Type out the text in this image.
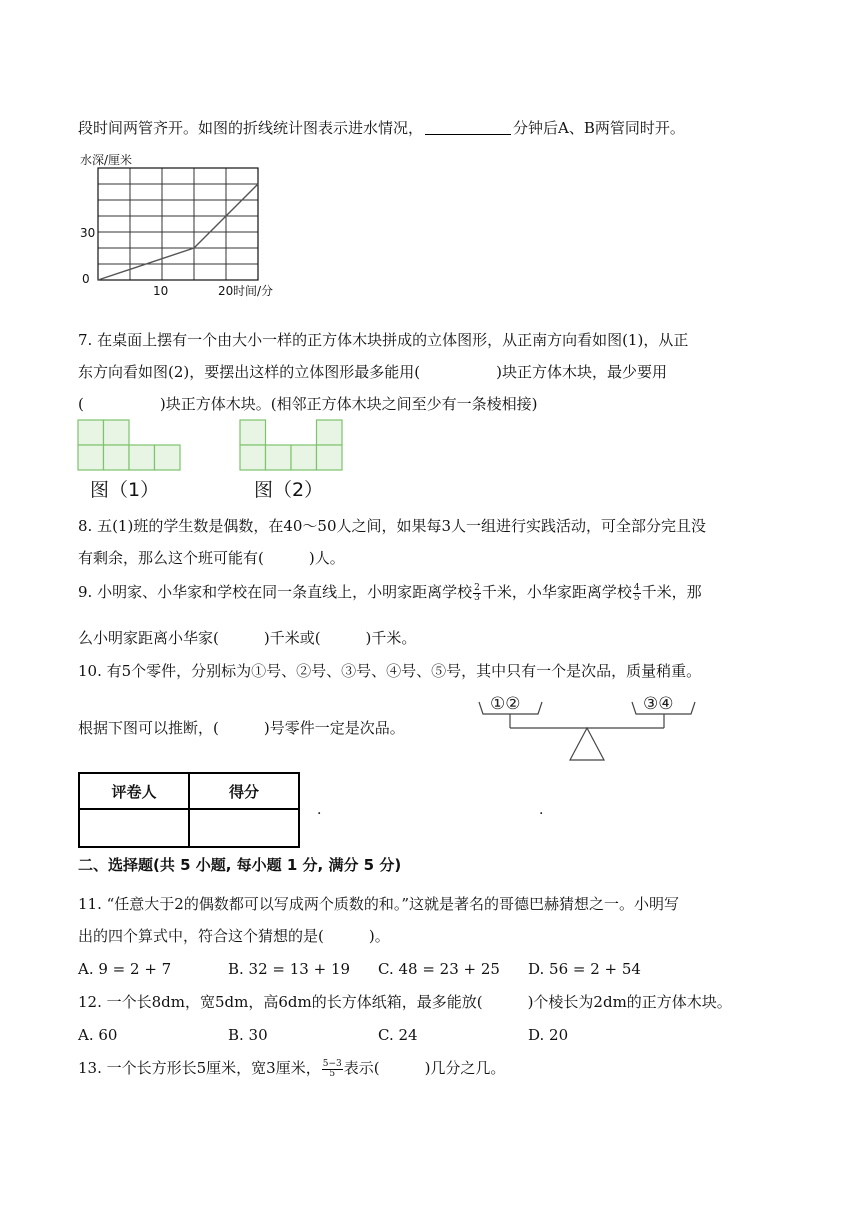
段时间两管齐开。如图的折线统计图表示进水情况，	分钟后A、B两管同时开。
水深/厘米
0
30
10	20 时间/分
7. 在桌面上摆有一个由大小一样的正方体木块拼成的立体图形，从正南方向看如图(1)，从正
东方向看如图(2)，要摆出这样的立体图形最多能用(	)块正方体木块，最少要用
(	)块正方体木块。(相邻正方体木块之间至少有一条棱相接)
图（1）	图（2）
8. 五(1)班的学生数是偶数，在40～50人之间，如果每3人一组进行实践活动，可全部分完且没
有剩余，那么这个班可能有(　　　)人。
9. 小明家、小华家和学校在同一条直线上，小明家距离学校 $\frac{2}{3}$ 千米，小华家距离学校 $\frac{4}{5}$ 千米，那
么小明家距离小华家(　　　)千米或(　　　)千米。
10. 有5个零件，分别标为①号、②号、③号、④号、⑤号，其中只有一个是次品，质量稍重。
根据下图可以推断，(　　　)号零件一定是次品。
①②	③④
评卷人	得分

.	.
二、选择题(共 5 小题, 每小题 1 分, 满分 5 分)
11. “任意大于2的偶数都可以写成两个质数的和。”这就是著名的哥德巴赫猜想之一。小明写
出的四个算式中，符合这个猜想的是(　　　)。
A. 9 = 2 + 7	B. 32 = 13 + 19 C. 48 = 23 + 25 D. 56 = 2 + 54
12. 一个长8dm，宽5dm，高6dm的长方体纸箱，最多能放(　　　)个棱长为2dm的正方体木块。
A. 60	B. 30	C. 24	D. 20
13. 一个长方形长5厘米，宽3厘米， $\frac{5-3}{5}$ 表示(　　　)几分之几。
